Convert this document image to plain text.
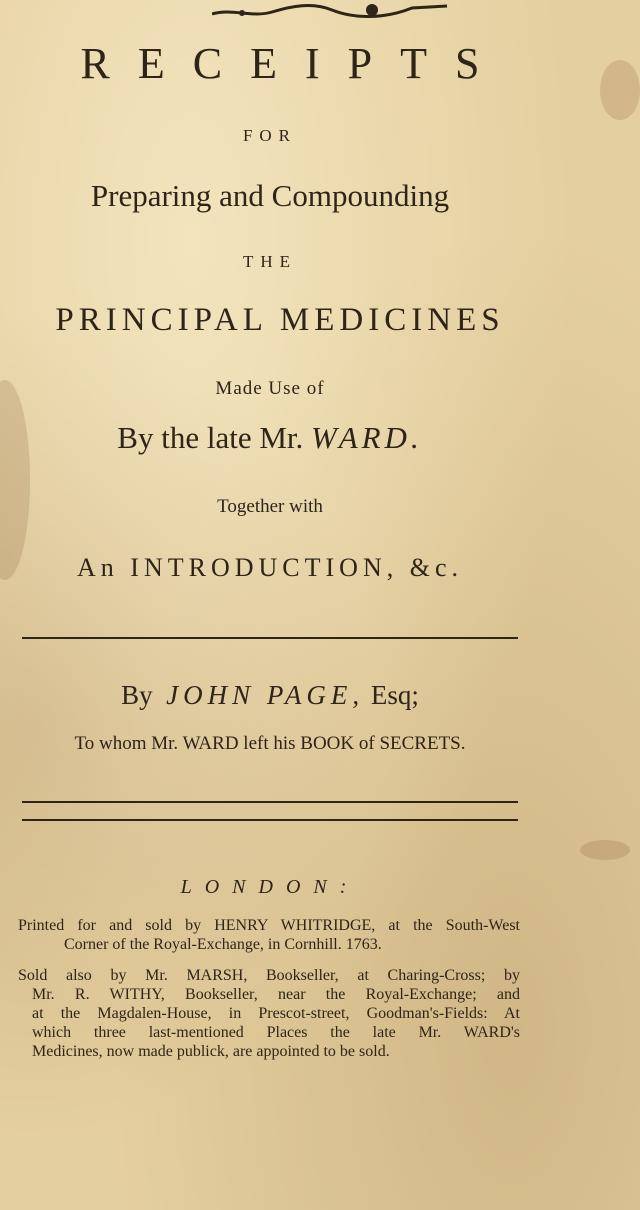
RECEIPTS
FOR
Preparing and Compounding
THE
PRINCIPAL MEDICINES
Made Use of
By the late Mr. WARD.
Together with
An INTRODUCTION, &c.
By JOHN PAGE, Esq;
To whom Mr. WARD left his BOOK of SECRETS.
LONDON:
Printed for and sold by HENRY WHITRIDGE, at the South-West
Corner of the Royal-Exchange, in Cornhill. 1763.
Sold also by Mr. MARSH, Bookseller, at Charing-Cross; by
Mr. R. WITHY, Bookseller, near the Royal-Exchange; and
at the Magdalen-House, in Prescot-street, Goodman's-Fields: At
which three last-mentioned Places the late Mr. WARD's
Medicines, now made publick, are appointed to be sold.
